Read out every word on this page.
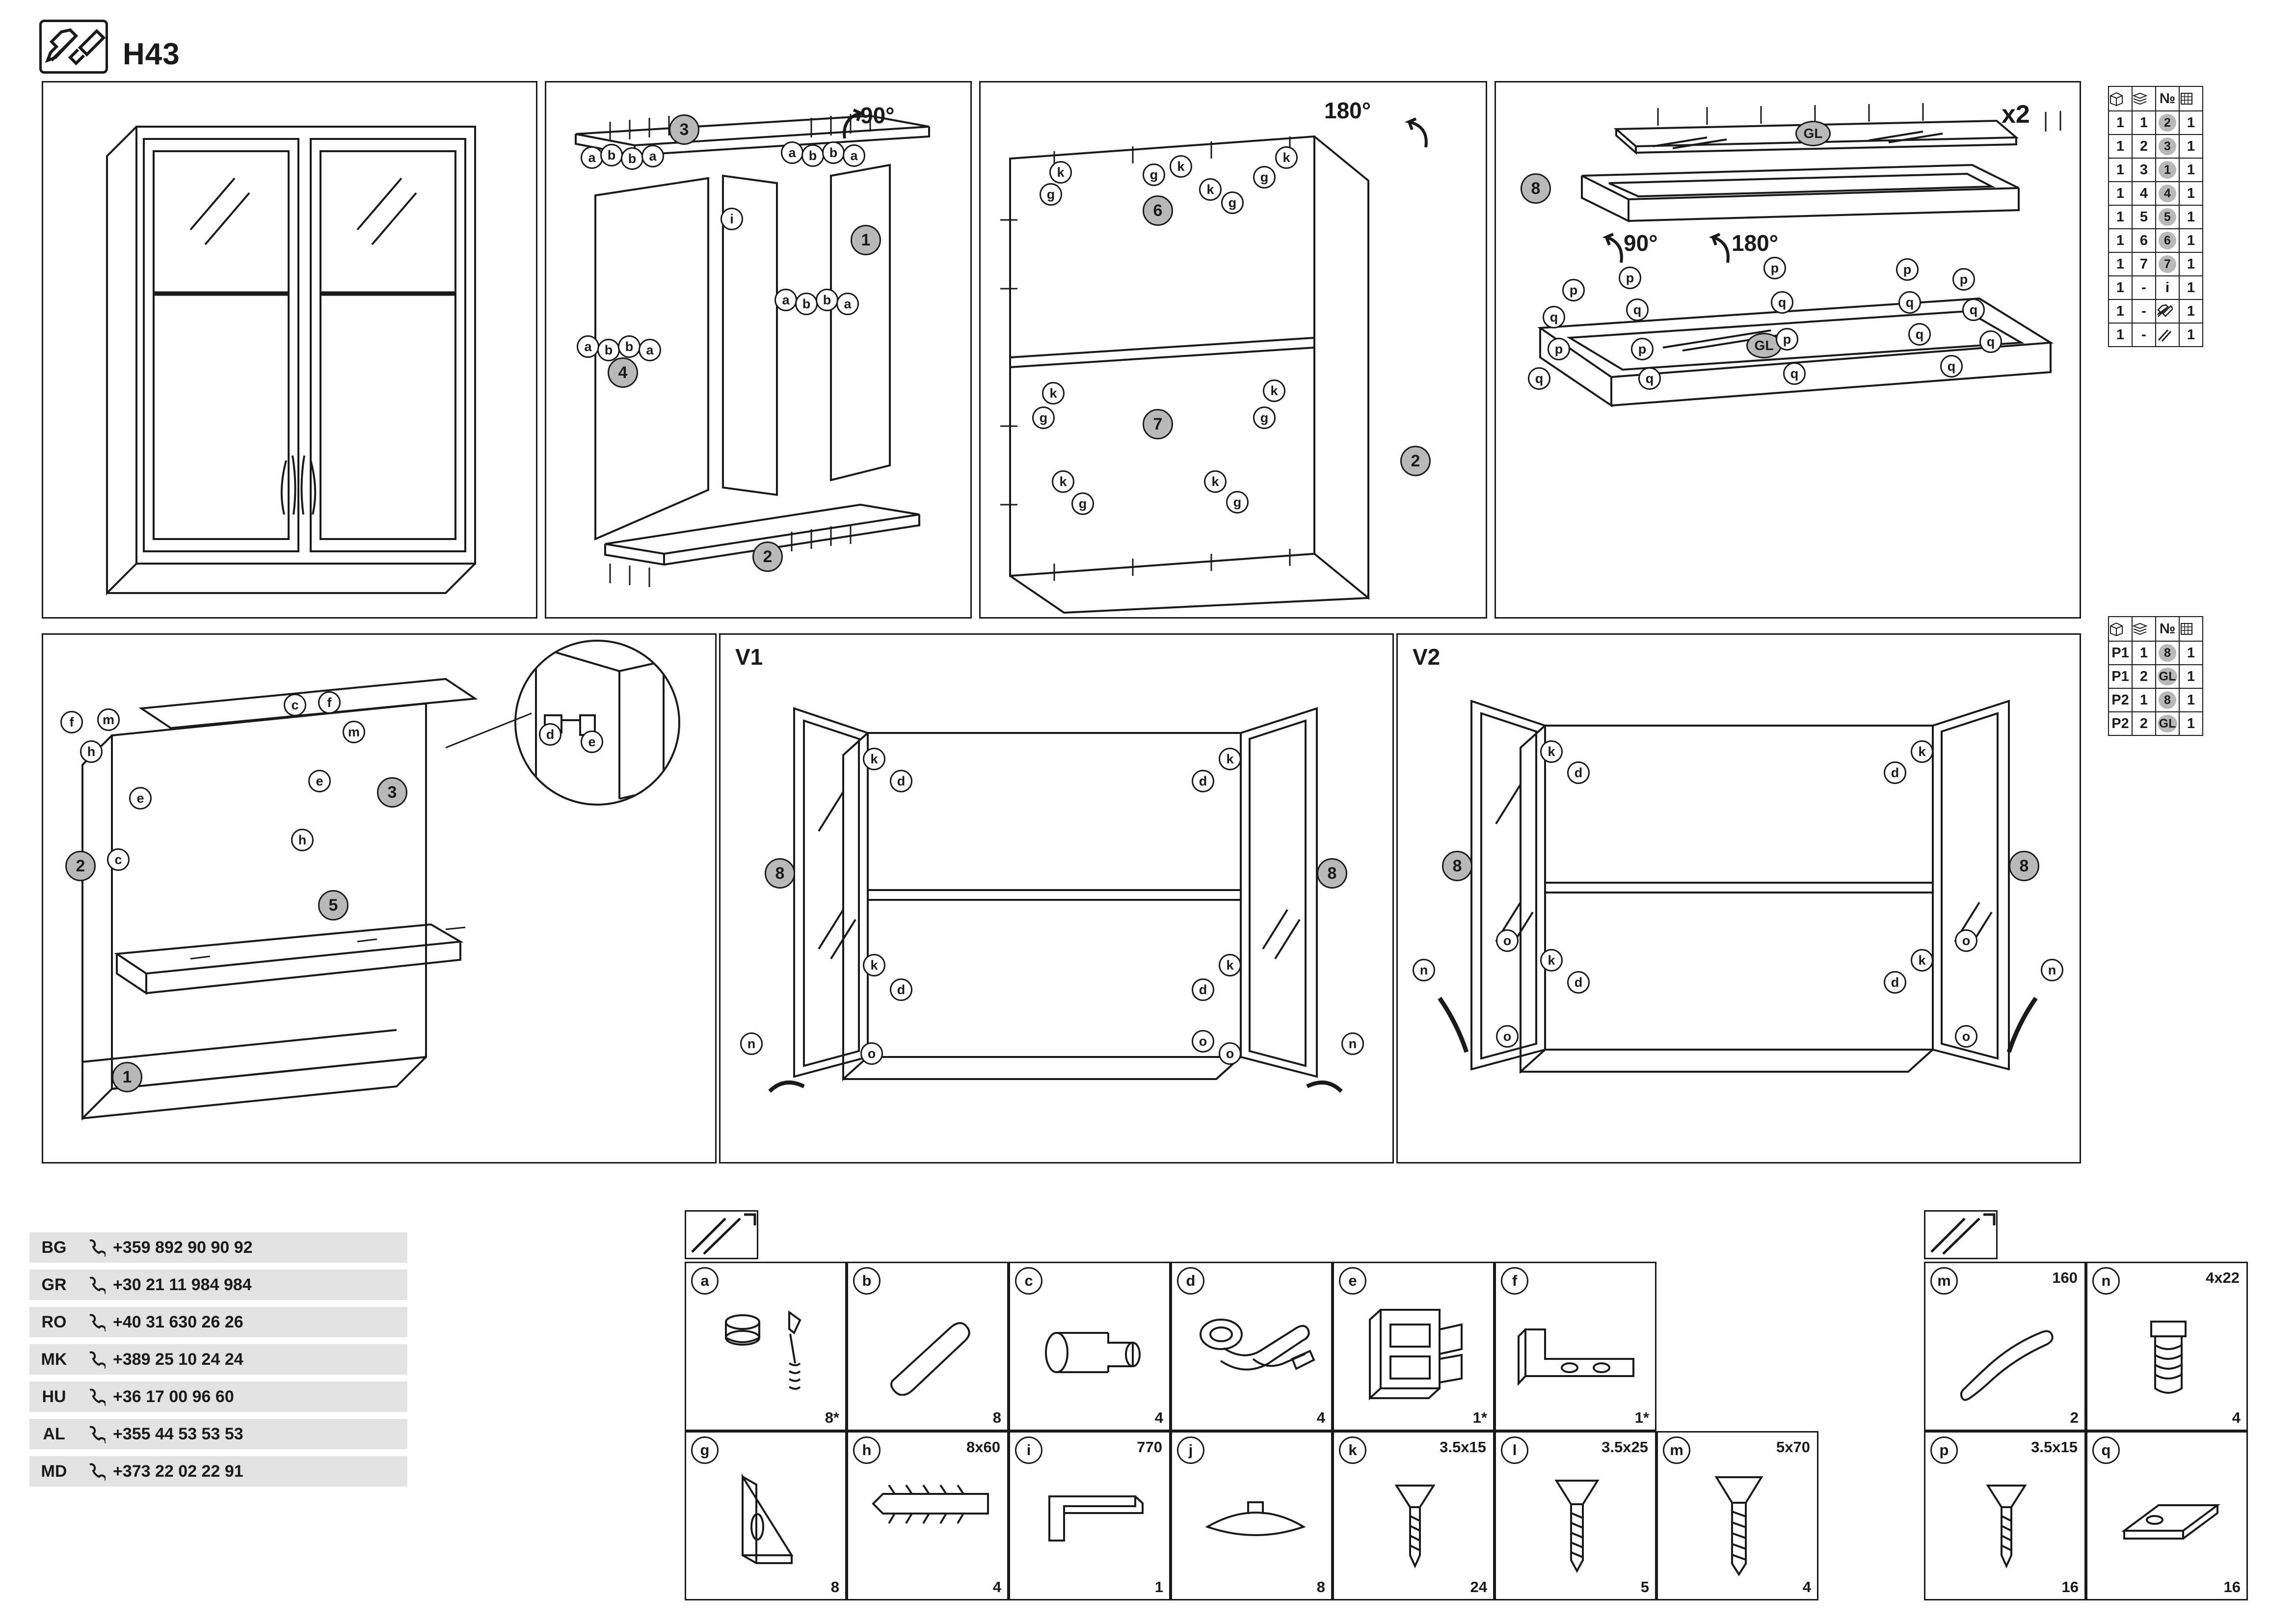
H43
90°
1
2
3
4
a b b a	a b b a
i
a b b a
a b b a
180°
6
7
2
k
g
k
g
k
g
k
g
k
g
k
g
k
g
k
g
x2
GL
GL
8
90°	180°
p
p
p	p
p
q	q	q	q	q
p	p
p	q
q	q	q	q
q
1
2
3
5
f	m
h
c	f
m
e
e
e
d
c
h
V1
8	8
k
d
k
d
k
d
k
d
o	o
o
n	n
V2
8	8
k
d
k
d
k
d
k
d
o
o
o
o
n	n

	№	

1	1	2	1
1	2	3	1
1	3	1	1
1	4	4	1
1	5	5	1
1	6	6	1
1	7	7	1
1	-	i	1
1	-		1
1	-		1

	№	

P1	1	8	1
P1	2	GL	1
P2	1	8	1
P2	2	GL	1
BG	+359 892 90 90 92
GR	+30 21 11 984 984
RO	+40 31 630 26 26
MK	+389 25 10 24 24
HU	+36 17 00 96 60
AL	+355 44 53 53 53
MD	+373 22 02 22 91
a
8*
b
8
c
4
d
4
e
1*
f
1*
g
8
h	8x60
4
i	770
1
j
8
k	3.5x15
24
l	3.5x25
5
m	5x70
4
m	160
2
n	4x22
4
p	3.5x15
16
q
16
